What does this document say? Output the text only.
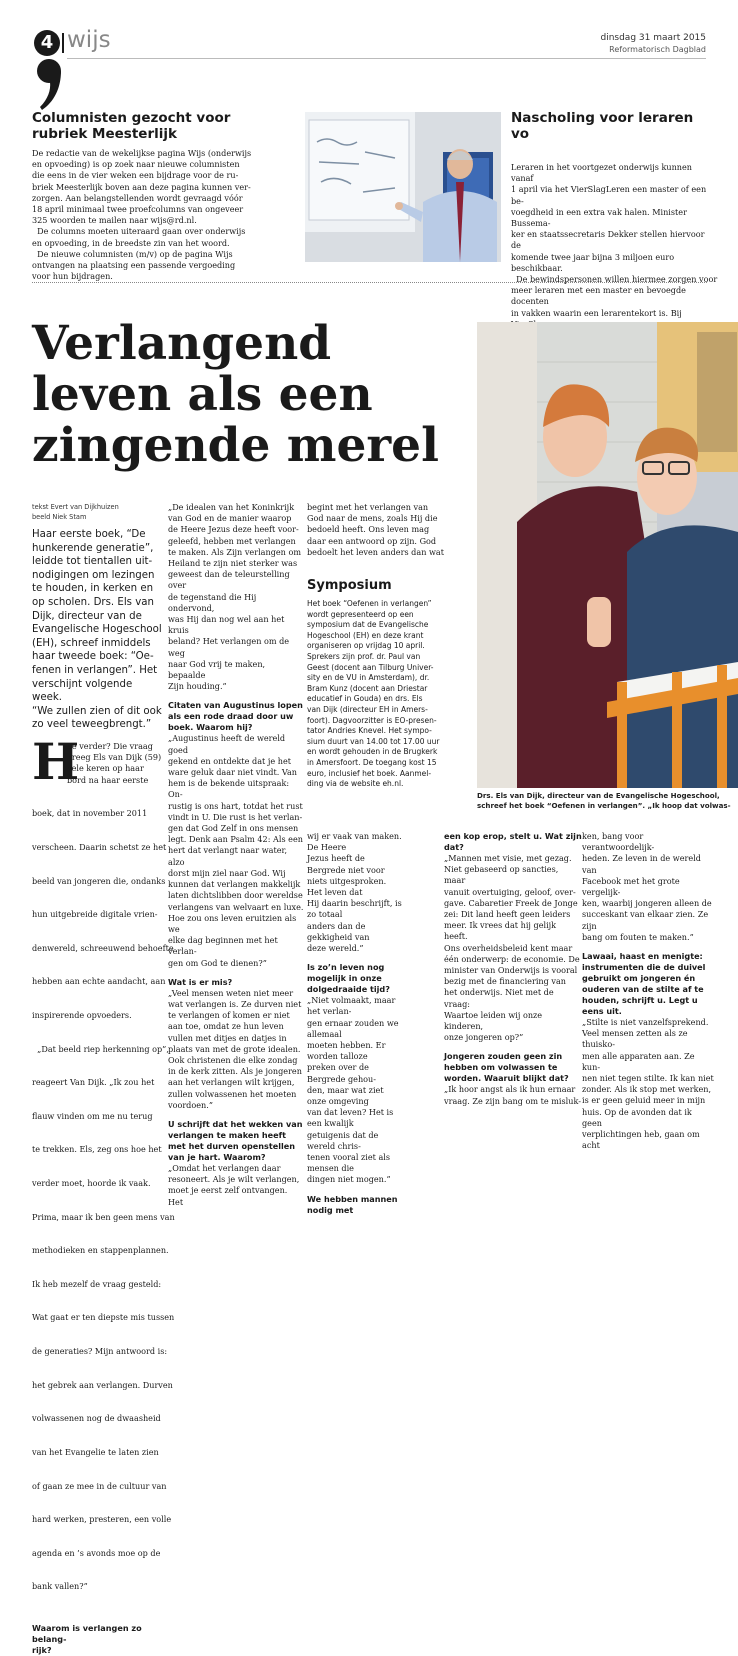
4 wijs	dinsdag 31 maart 2015
Reformatorisch Dagblad
Columnisten gezocht voor rubriek Meesterlijk

De redactie van de wekelijkse pagina Wijs (onderwijs

en opvoeding) is op zoek naar nieuwe columnisten

die eens in de vier weken een bijdrage voor de ru-

briek Meesterlijk boven aan deze pagina kunnen ver-

zorgen. Aan belangstellenden wordt gevraagd vóór

18 april minimaal twee proefcolumns van ongeveer

325 woorden te mailen naar wijs@rd.nl.

De columns moeten uiteraard gaan over onderwijs

en opvoeding, in de breedste zin van het woord.

De nieuwe columnisten (m/v) op de pagina Wijs

ontvangen na plaatsing een passende vergoeding

voor hun bijdragen.

Nascholing voor leraren vo

Leraren in het voortgezet onderwijs kunnen vanaf

1 april via het VierSlagLeren een master of een be-

voegdheid in een extra vak halen. Minister Bussema-

ker en staatssecretaris Dekker stellen hiervoor de

komende twee jaar bijna 3 miljoen euro beschikbaar.

De bewindspersonen willen hiermee zorgen voor

meer leraren met een master en bevoegde docenten

in vakken waarin een lerarentekort is. Bij

Verlangend
leven als een
zingende merel
Drs. Els van Dijk, directeur van de Evangelische Hogeschool,
schreef het boek “Oefenen in verlangen”. „Ik hoop dat volwas-
tekst Evert van Dijkhuizen
beeld Niek Stam
Haar eerste boek, “De
hunkerende generatie”,
leidde tot tientallen uit-
nodigingen om lezingen
te houden, in kerken en
op scholen. Drs. Els van
Dijk, directeur van de
Evangelische Hogeschool
(EH), schreef inmiddels
haar tweede boek: “Oe-
fenen in verlangen”. Het
verschijnt volgende week.
“We zullen zien of dit ook
zo veel teweegbrengt.”
H

oe verder? Die vraag

kreeg Els van Dijk (59)

vele keren op haar

bord na haar eerste

boek, dat in november 2011

verscheen. Daarin schetst ze het

beeld van jongeren die, ondanks

hun uitgebreide digitale vrien-

denwereld, schreeuwend behoefte

hebben aan echte aandacht, aan

inspirerende opvoeders.

„Dat beeld riep herkenning op”,

reageert Van Dijk. „Ik zou het

flauw vinden om me nu terug

te trekken. Els, zeg ons hoe het

verder moet, hoorde ik vaak.

Prima, maar ik ben geen mens van

methodieken en stappenplannen.

Ik heb mezelf de vraag gesteld:

Wat gaat er ten diepste mis tussen

de generaties? Mijn antwoord is:

het gebrek aan verlangen. Durven

volwassenen nog de dwaasheid

van het Evangelie te laten zien

of gaan ze mee in de cultuur van

hard werken, presteren, een volle

agenda en ’s avonds moe op de

bank vallen?”

Waarom is verlangen zo belang-
rijk?

„De idealen van het Koninkrijk

van God en de manier waarop

de Heere Jezus deze heeft voor-

geleefd, hebben met verlangen

te maken. Als Zijn verlangen om

Heiland te zijn niet sterker was

geweest dan de teleurstelling over

de tegenstand die Hij ondervond,

was Hij dan nog wel aan het kruis

beland? Het verlangen om de weg

naar God vrij te maken, bepaalde

Zijn houding.”

Citaten van Augustinus lopen als een rode draad door uw boek. Waarom hij?

„Augustinus heeft de wereld goed

gekend en ontdekte dat je het

ware geluk daar niet vindt. Van

hem is de bekende uitspraak: On-

rustig is ons hart, totdat het rust

vindt in U. Die rust is het verlan-

gen dat God Zelf in ons mensen

legt. Denk aan Psalm 42: Als een

hert dat verlangt naar water, alzo

dorst mijn ziel naar God. Wij

kunnen dat verlangen makkelijk

laten dichtslibben door wereldse

verlangens van welvaart en luxe.

Hoe zou ons leven eruitzien als we

elke dag beginnen met het verlan-

gen om God te dienen?”

Wat is er mis?

„Veel mensen weten niet meer

wat verlangen is. Ze durven niet

te verlangen of komen er niet

aan toe, omdat ze hun leven

vullen met ditjes en datjes in

plaats van met de grote idealen.

Ook christenen die elke zondag

in de kerk zitten. Als je jongeren

aan het verlangen wilt krijgen,

zullen volwassenen het moeten

voordoen.”

U schrijft dat het wekken van verlangen te maken heeft met het durven openstellen van je hart. Waarom?

„Omdat het verlangen daar

resoneert. Als je wilt verlangen,

moet je eerst zelf ontvangen. Het

begint met het verlangen van

God naar de mens, zoals Hij die

bedoeld heeft. Ons leven mag

daar een antwoord op zijn. God

bedoelt het leven anders dan wat

Symposium
Het boek “Oefenen in verlangen”
wordt gepresenteerd op een
symposium dat de Evangelische
Hogeschool (EH) en deze krant
organiseren op vrijdag 10 april.
Sprekers zijn prof. dr. Paul van
Geest (docent aan Tilburg Univer-
sity en de VU in Amsterdam), dr.
Bram Kunz (docent aan Driestar
educatief in Gouda) en drs. Els
van Dijk (directeur EH in Amers-
foort). Dagvoorzitter is EO-presen-
tator Andries Knevel. Het sympo-
sium duurt van 14.00 tot 17.00 uur
en wordt gehouden in de Brugkerk
in Amersfoort. De toegang kost 15
euro, inclusief het boek. Aanmel-
ding via de website eh.nl.

wij er vaak van maken. De Heere

Jezus heeft de Bergrede niet voor

niets uitgesproken. Het leven dat

Hij daarin beschrijft, is zo totaal

anders dan de gekkigheid van

deze wereld.”

Is zo’n leven nog mogelijk in onze dolgedraaide tijd?

„Niet volmaakt, maar het verlan-

gen ernaar zouden we allemaal

moeten hebben. Er worden talloze

preken over de Bergrede gehou-

den, maar wat ziet onze omgeving

van dat leven? Het is een kwalijk

getuigenis dat de wereld chris-

tenen vooral ziet als mensen die

dingen niet mogen.”

We hebben mannen nodig met
een kop erop, stelt u. Wat zijn dat?

„Mannen met visie, met gezag.

Niet gebaseerd op sancties, maar

vanuit overtuiging, geloof, over-

gave. Cabaretier Freek de Jonge

zei: Dit land heeft geen leiders

meer. Ik vrees dat hij gelijk heeft.

Ons overheidsbeleid kent maar

één onderwerp: de economie. De

minister van Onderwijs is vooral

bezig met de financiering van

het onderwijs. Niet met de vraag:

Waartoe leiden wij onze kinderen,

onze jongeren op?”

Jongeren zouden geen zin hebben om volwassen te worden. Waaruit blijkt dat?

„Ik hoor angst als ik hun ernaar

vraag. Ze zijn bang om te misluk-

ken, bang voor verantwoordelijk-

heden. Ze leven in de wereld van

Facebook met het grote vergelijk-

ken, waarbij jongeren alleen de

succeskant van elkaar zien. Ze zijn

bang om fouten te maken.”

Lawaai, haast en menigte: instrumenten die de duivel gebruikt om jongeren én ouderen van de stilte af te houden, schrijft u. Legt u eens uit.

„Stilte is niet vanzelfsprekend.

Veel mensen zetten als ze thuisko-

men alle apparaten aan. Ze kun-

nen niet tegen stilte. Ik kan niet

zonder. Als ik stop met werken,

is er geen geluid meer in mijn

huis. Op de avonden dat ik geen

verplichtingen heb, gaan om acht
